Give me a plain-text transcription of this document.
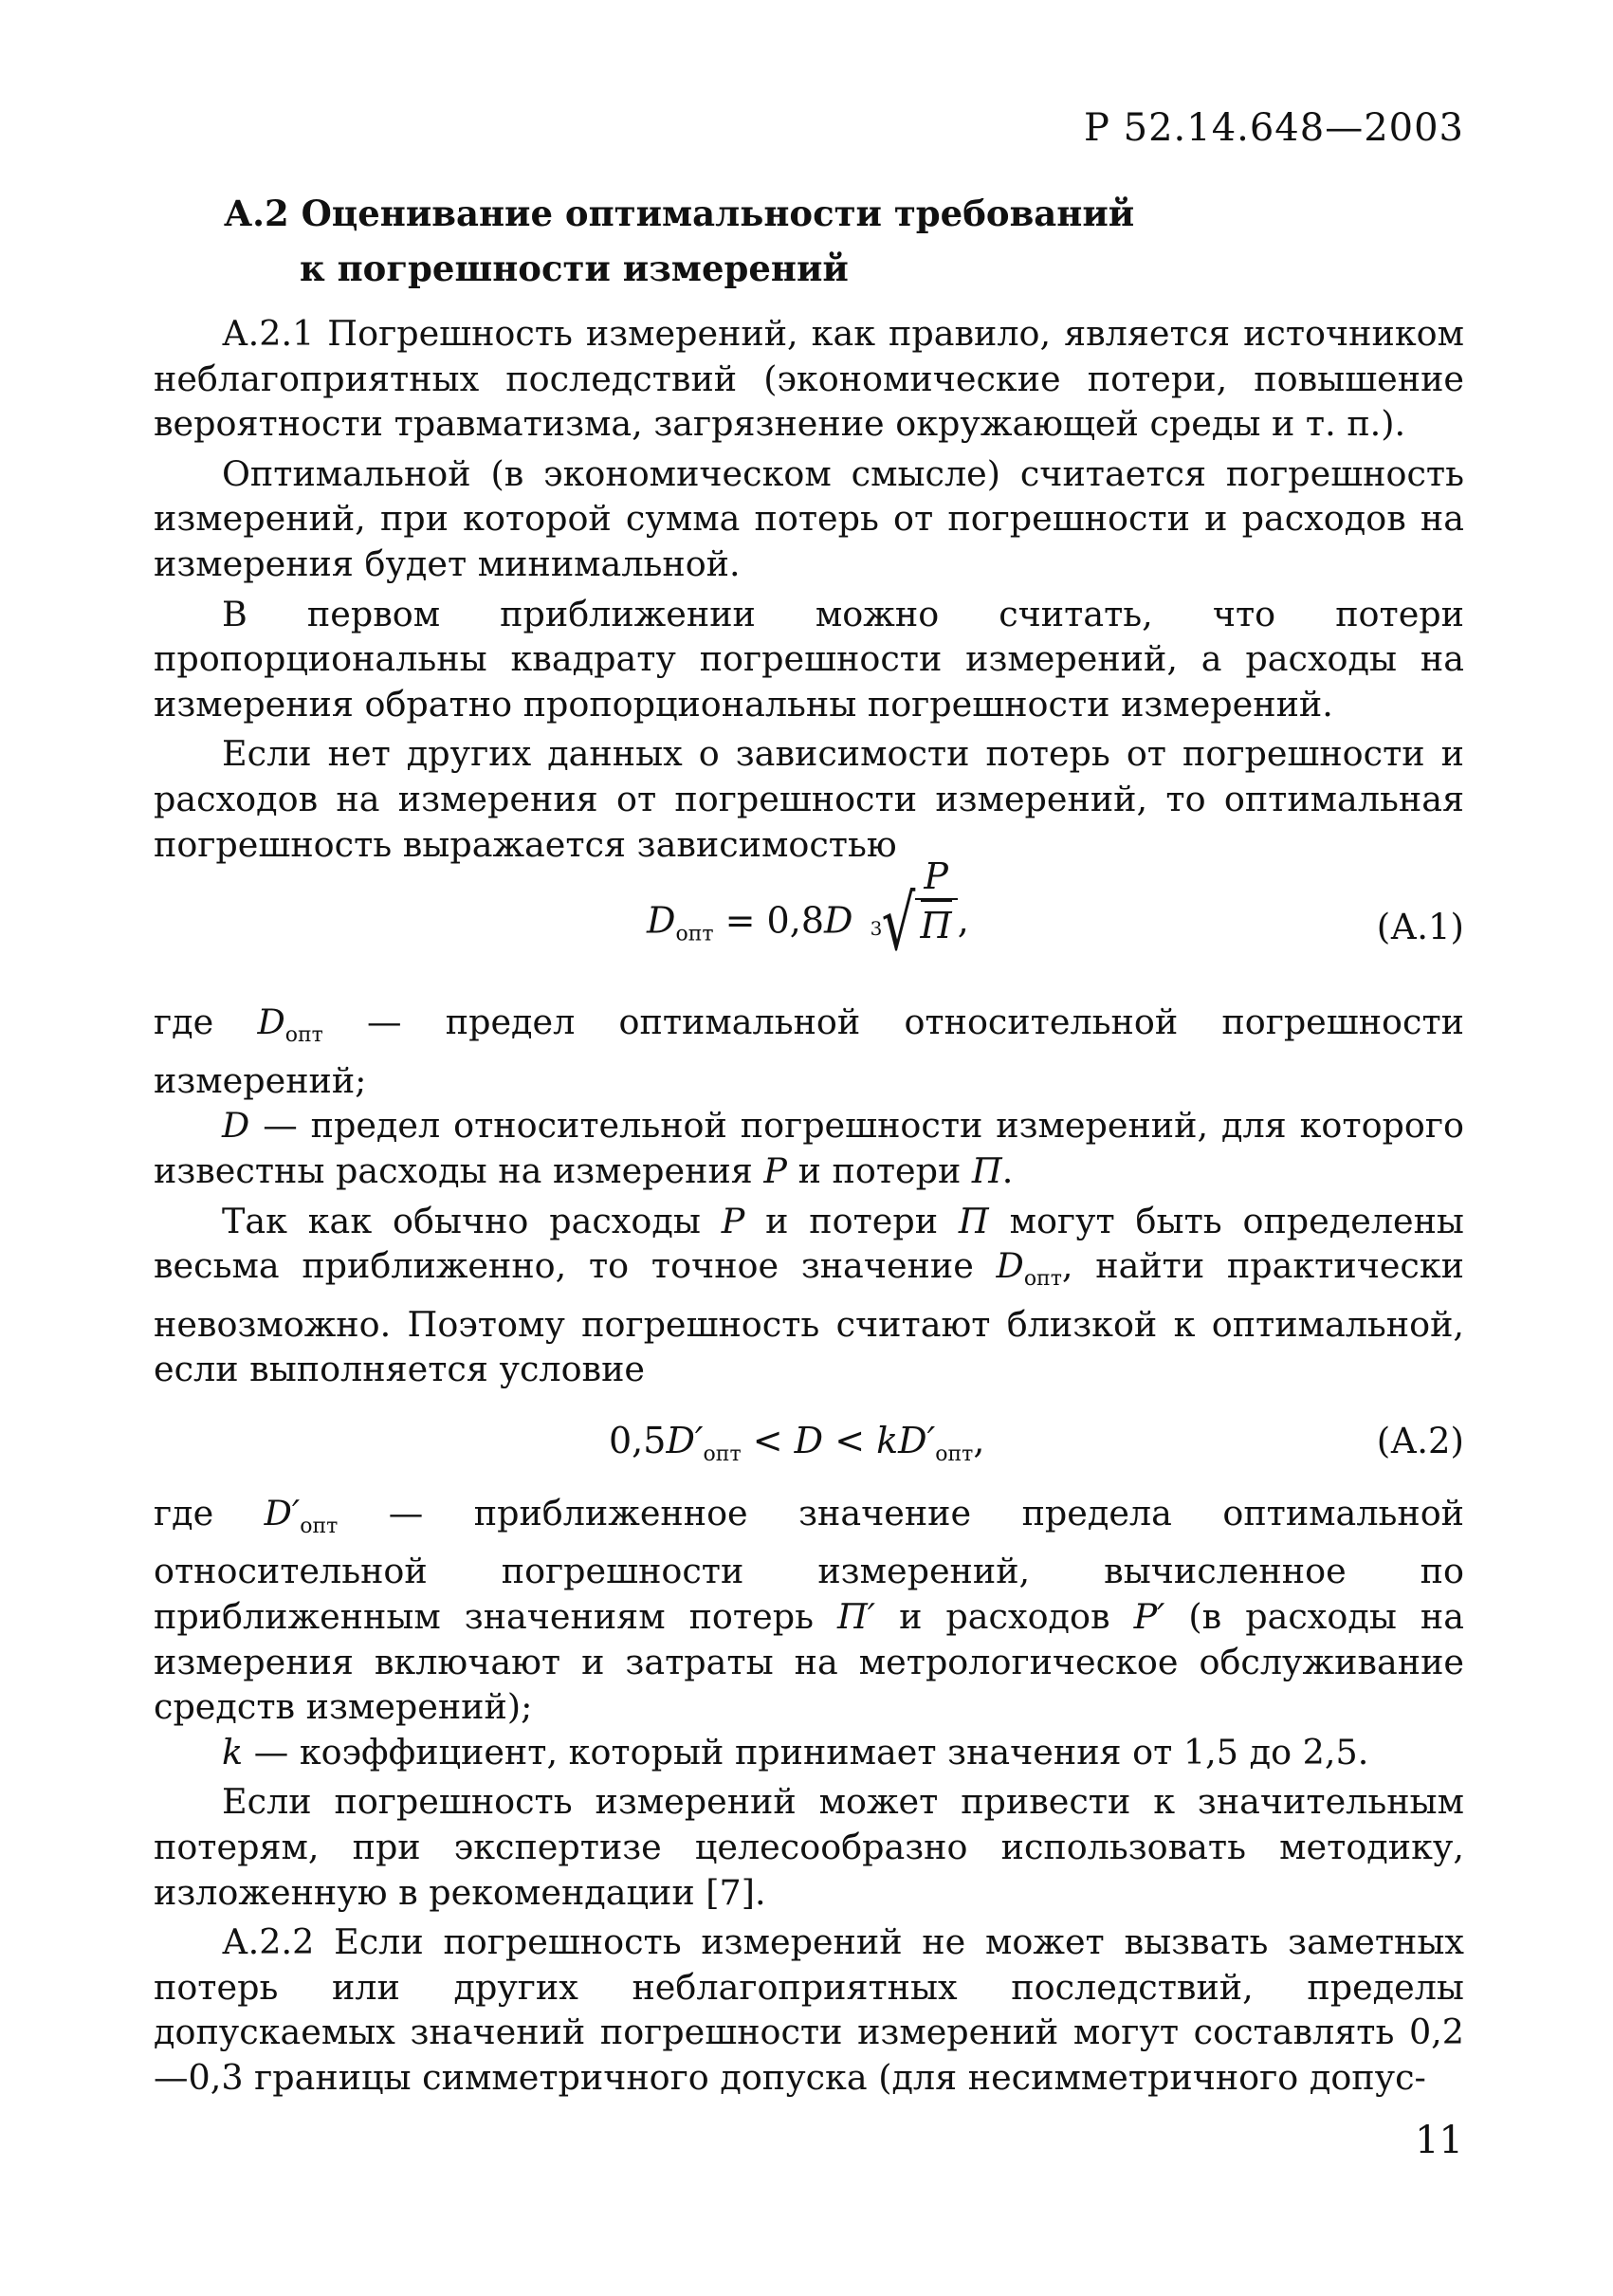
Р 52.14.648—2003
А.2 Оценивание оптимальности требований
к погрешности измерений

А.2.1 Погрешность измерений, как правило, является источником неблагоприятных последствий (экономические потери, повышение вероятности травматизма, загрязнение окружающей среды и т. п.).

Оптимальной (в экономическом смысле) считается погрешность измерений, при которой сумма потерь от погрешности и расходов на измерения будет минимальной.

В первом приближении можно считать, что потери пропорциональны квадрату погрешности измерений, а расходы на измерения обратно пропорциональны погрешности измерений.

Если нет других данных о зависимости потерь от погрешности и расходов на измерения от погрешности измерений, то оптимальная погрешность выражается зависимостью

$D_{опт} = 0,8D$ 3
√ $\frac{P}{П}$ ,	(А.1)

где $D_{опт}$ — предел оптимальной относительной погрешности измерений;

D — предел относительной погрешности измерений, для которого известны расходы на измерения Р и потери П.

Так как обычно расходы Р и потери П могут быть определены весьма приближенно, то точное значение $D_{опт}$, найти практически невозможно. Поэтому погрешность считают близкой к оптимальной, если выполняется условие

$0,5D'_{опт} < D < kD'_{опт}$,	(А.2)

где $D'_{опт}$ — приближенное значение предела оптимальной относительной погрешности измерений, вычисленное по приближенным значениям потерь П′ и расходов Р′ (в расходы на измерения включают и затраты на метрологическое обслуживание средств измерений);

k — коэффициент, который принимает значения от 1,5 до 2,5.

Если погрешность измерений может привести к значительным потерям, при экспертизе целесообразно использовать методику, изложенную в рекомендации [7].

А.2.2 Если погрешность измерений не может вызвать заметных потерь или других неблагоприятных последствий, пределы допускаемых значений погрешности измерений могут составлять 0,2—0,3 границы симметричного допуска (для несимметричного допус-

11
